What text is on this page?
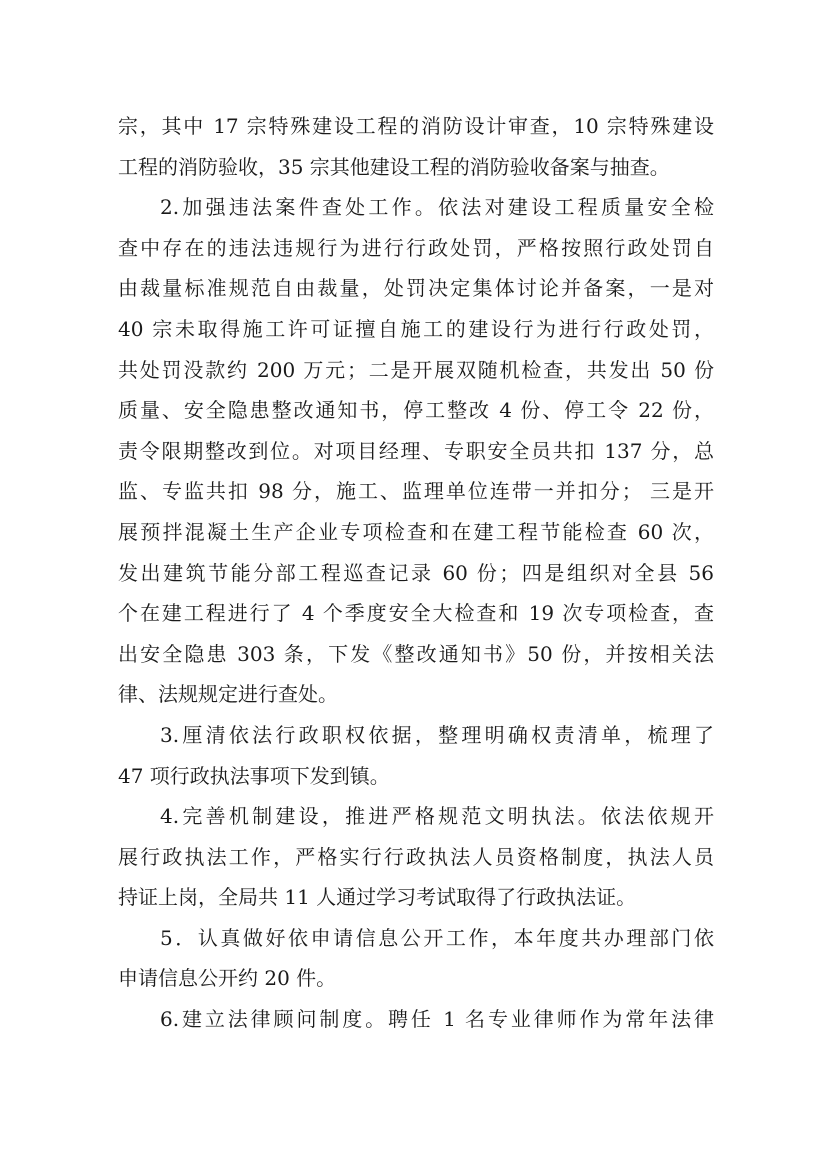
宗，其中 17 宗特殊建设工程的消防设计审查，10 宗特殊建设
工程的消防验收，35 宗其他建设工程的消防验收备案与抽查。
2.加强违法案件查处工作。依法对建设工程质量安全检
查中存在的违法违规行为进行行政处罚，严格按照行政处罚自
由裁量标准规范自由裁量，处罚决定集体讨论并备案，一是对
40 宗未取得施工许可证擅自施工的建设行为进行行政处罚，
共处罚没款约 200 万元；二是开展双随机检查，共发出 50 份
质量、安全隐患整改通知书，停工整改 4 份、停工令 22 份，
责令限期整改到位。对项目经理、专职安全员共扣 137 分，总
监、专监共扣 98 分，施工、监理单位连带一并扣分； 三是开
展预拌混凝土生产企业专项检查和在建工程节能检查 60 次，
发出建筑节能分部工程巡查记录 60 份；四是组织对全县 56
个在建工程进行了 4 个季度安全大检查和 19 次专项检查，查
出安全隐患 303 条，下发《整改通知书》50 份，并按相关法
律、法规规定进行查处。
3.厘清依法行政职权依据，整理明确权责清单，梳理了
47 项行政执法事项下发到镇。
4.完善机制建设，推进严格规范文明执法。依法依规开
展行政执法工作，严格实行行政执法人员资格制度，执法人员
持证上岗，全局共 11 人通过学习考试取得了行政执法证。
5．认真做好依申请信息公开工作，本年度共办理部门依
申请信息公开约 20 件。
6.建立法律顾问制度。聘任 1 名专业律师作为常年法律
